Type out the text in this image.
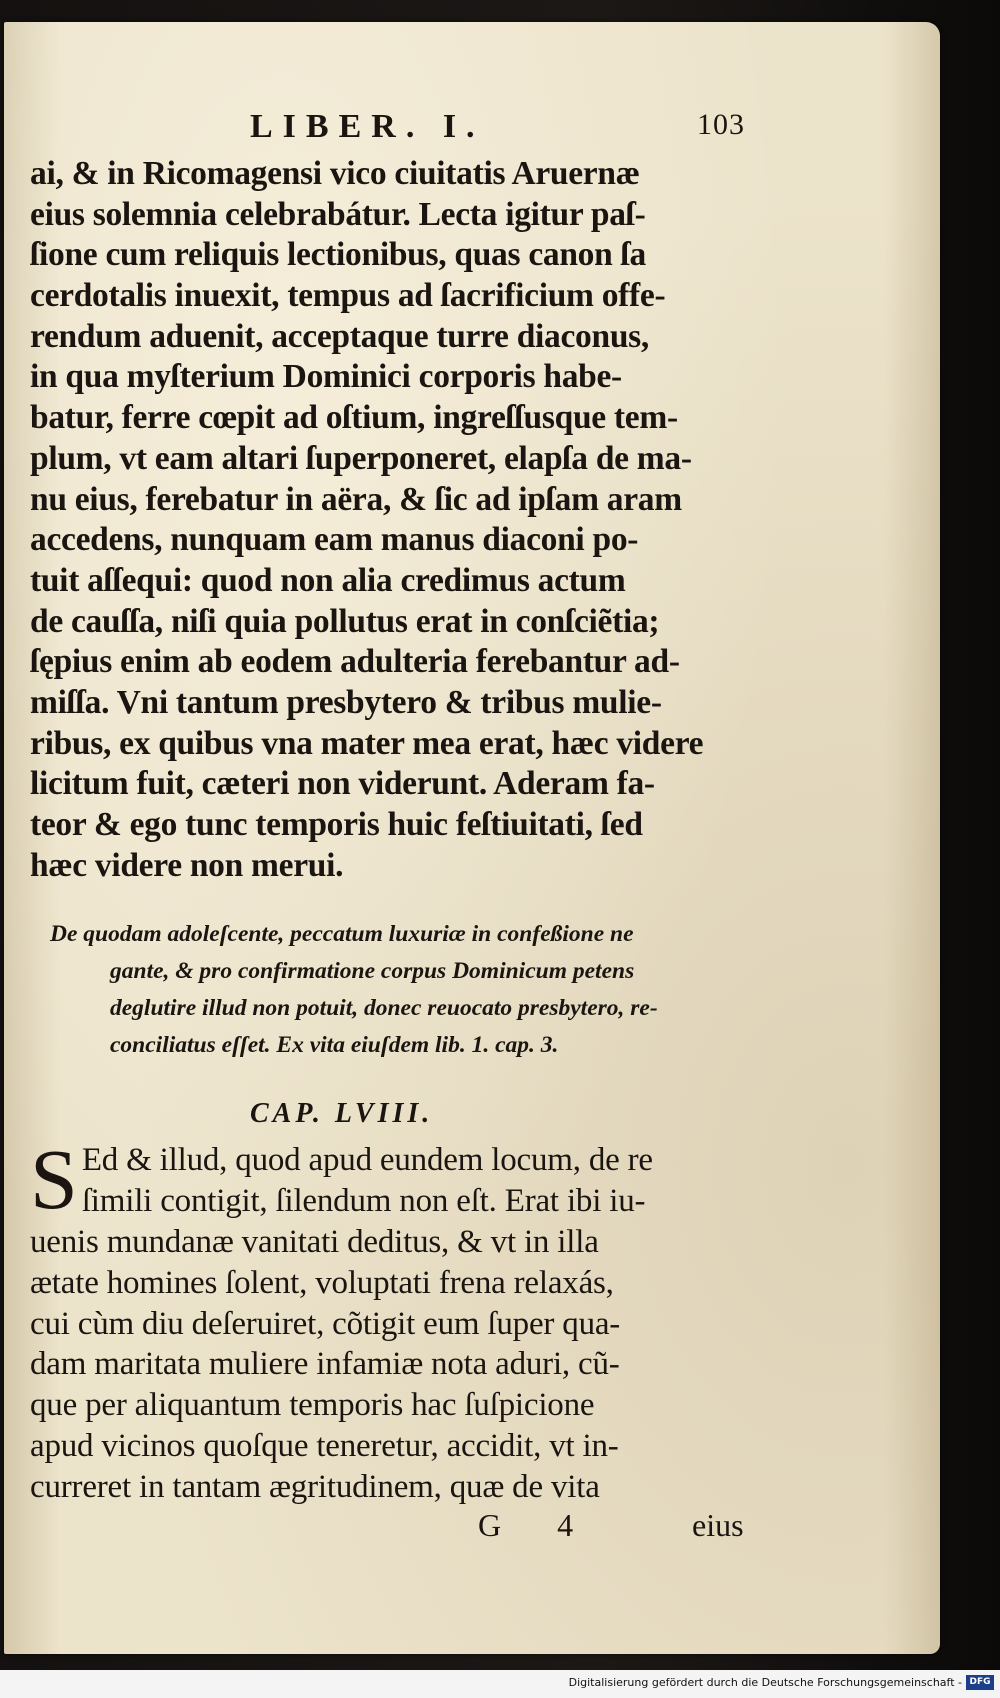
LIBER. I.	103
ai, & in Ricomagensi vico ciuitatis Aruernæ
eius solemnia celebrabátur. Lecta igitur paſ-
ſione cum reliquis lectionibus, quas canon ſa
cerdotalis inuexit, tempus ad ſacrificium offe-
rendum aduenit, acceptaque turre diaconus,
in qua myſterium Dominici corporis habe-
batur, ferre cœpit ad oſtium, ingreſſusque tem-
plum, vt eam altari ſuperponeret, elapſa de ma-
nu eius, ferebatur in aëra, & ſic ad ipſam aram
accedens, nunquam eam manus diaconi po-
tuit aſſequi: quod non alia credimus actum
de cauſſa, niſi quia pollutus erat in conſciẽtia;
ſępius enim ab eodem adulteria ferebantur ad-
miſſa. Vni tantum presbytero & tribus mulie-
ribus, ex quibus vna mater mea erat, hæc videre
licitum fuit, cæteri non viderunt. Aderam fa-
teor & ego tunc temporis huic feſtiuitati, ſed
hæc videre non merui.
De quodam adoleſcente, peccatum luxuriæ in confeßione ne
gante, & pro confirmatione corpus Dominicum petens
deglutire illud non potuit, donec reuocato presbytero, re-
conciliatus eſſet. Ex vita eiuſdem lib. 1. cap. 3.
CAP. LVIII.
S Ed & illud, quod apud eundem locum, de re
ſimili contigit, ſilendum non eſt. Erat ibi iu-
uenis mundanæ vanitati deditus, & vt in illa
ætate homines ſolent, voluptati frena relaxás,
cui cùm diu deſeruiret, cõtigit eum ſuper qua-
dam maritata muliere infamiæ nota aduri, cũ-
que per aliquantum temporis hac ſuſpicione
apud vicinos quoſque teneretur, accidit, vt in-
curreret in tantam ægritudinem, quæ de vita
G 4	eius
Digitalisierung gefördert durch die Deutsche Forschungsgemeinschaft - DFG
